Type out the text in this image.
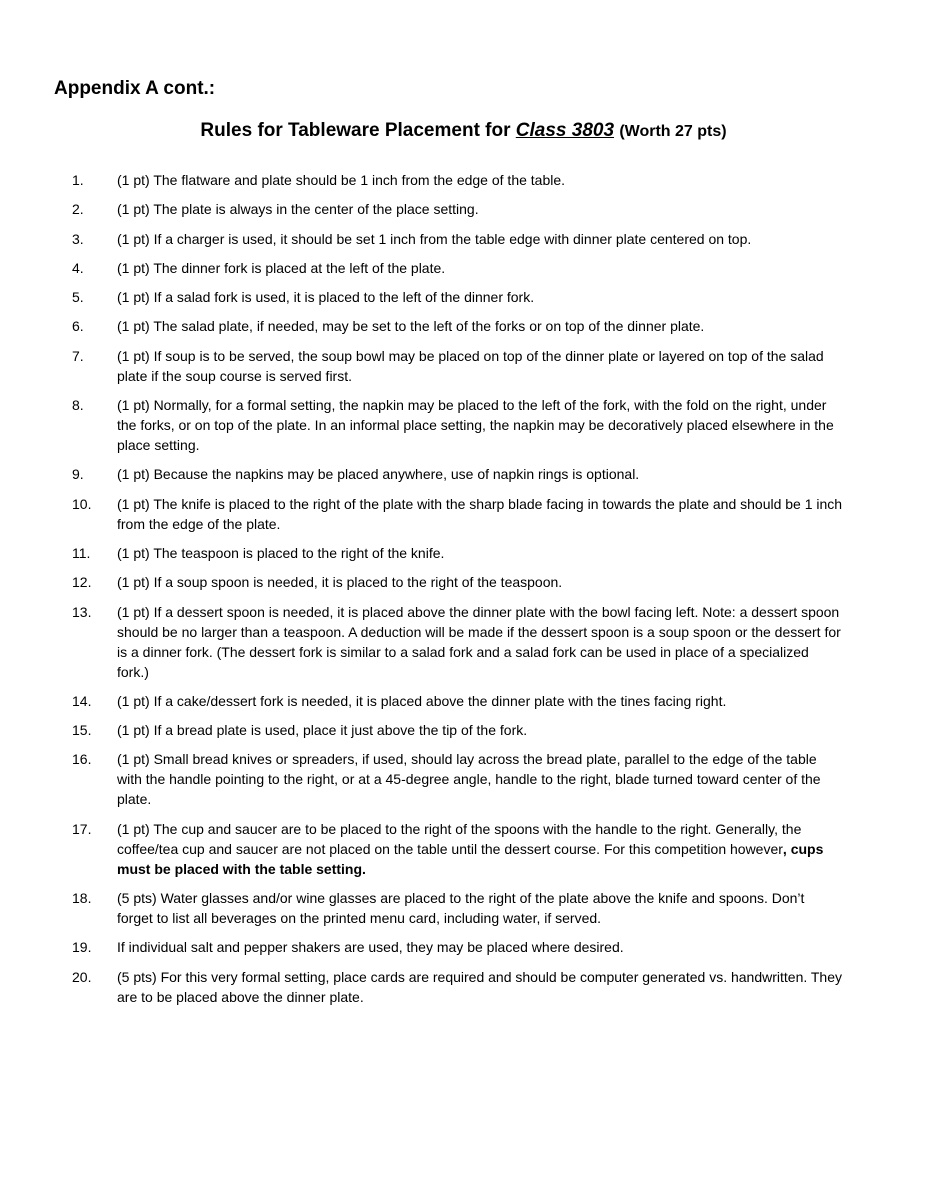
Appendix A cont.:
Rules for Tableware Placement for Class 3803 (Worth 27 pts)
1.	(1 pt) The flatware and plate should be 1 inch from the edge of the table.
2.	(1 pt) The plate is always in the center of the place setting.
3.	(1 pt) If a charger is used, it should be set 1 inch from the table edge with dinner plate centered on top.
4.	(1 pt) The dinner fork is placed at the left of the plate.
5.	(1 pt) If a salad fork is used, it is placed to the left of the dinner fork.
6.	(1 pt) The salad plate, if needed, may be set to the left of the forks or on top of the dinner plate.
7.	(1 pt) If soup is to be served, the soup bowl may be placed on top of the dinner plate or layered on top of the salad plate if the soup course is served first.
8.	(1 pt) Normally, for a formal setting, the napkin may be placed to the left of the fork, with the fold on the right, under the forks, or on top of the plate. In an informal place setting, the napkin may be decoratively placed elsewhere in the place setting.
9.	(1 pt) Because the napkins may be placed anywhere, use of napkin rings is optional.
10.	(1 pt) The knife is placed to the right of the plate with the sharp blade facing in towards the plate and should be 1 inch from the edge of the plate.
11.	(1 pt) The teaspoon is placed to the right of the knife.
12.	(1 pt) If a soup spoon is needed, it is placed to the right of the teaspoon.
13.	(1 pt) If a dessert spoon is needed, it is placed above the dinner plate with the bowl facing left. Note: a dessert spoon should be no larger than a teaspoon. A deduction will be made if the dessert spoon is a soup spoon or the dessert for is a dinner fork. (The dessert fork is similar to a salad fork and a salad fork can be used in place of a specialized fork.)
14.	(1 pt) If a cake/dessert fork is needed, it is placed above the dinner plate with the tines facing right.
15.	(1 pt) If a bread plate is used, place it just above the tip of the fork.
16.	(1 pt) Small bread knives or spreaders, if used, should lay across the bread plate, parallel to the edge of the table with the handle pointing to the right, or at a 45-degree angle, handle to the right, blade turned toward center of the plate.
17.	(1 pt) The cup and saucer are to be placed to the right of the spoons with the handle to the right. Generally, the coffee/tea cup and saucer are not placed on the table until the dessert course. For this competition however, cups must be placed with the table setting.
18.	(5 pts) Water glasses and/or wine glasses are placed to the right of the plate above the knife and spoons. Don’t forget to list all beverages on the printed menu card, including water, if served.
19.	If individual salt and pepper shakers are used, they may be placed where desired.
20.	(5 pts) For this very formal setting, place cards are required and should be computer generated vs. handwritten. They are to be placed above the dinner plate.
